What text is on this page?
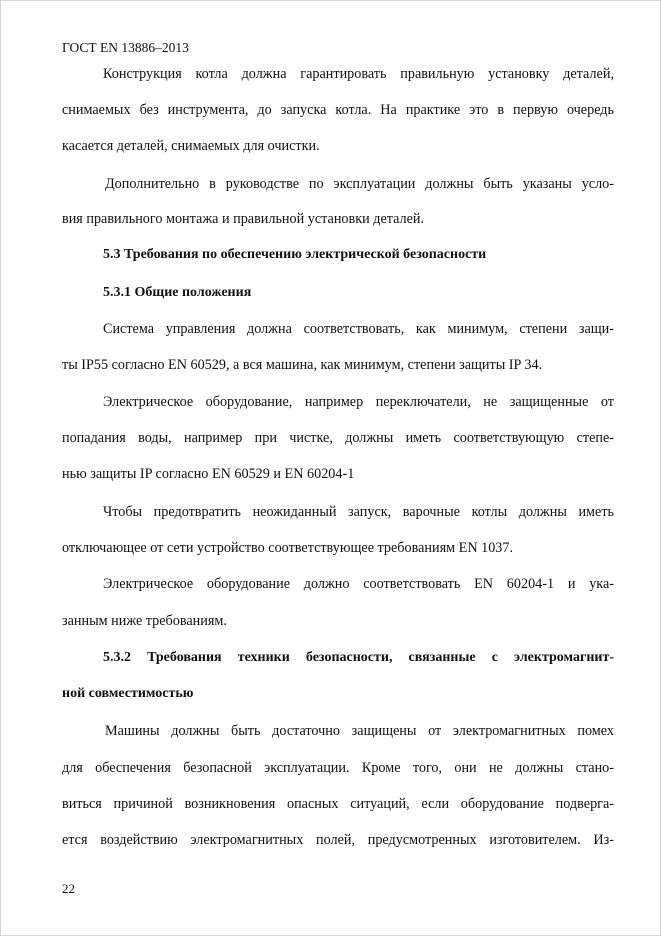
ГОСТ EN 13886–2013
Конструкция котла должна гарантировать правильную установку деталей,
снимаемых без инструмента, до запуска котла. На практике это в первую очередь
касается деталей, снимаемых для очистки.
Дополнительно в руководстве по эксплуатации должны быть указаны усло-
вия правильного монтажа и правильной установки деталей.
5.3 Требования по обеспечению электрической безопасности
5.3.1 Общие положения
Система управления должна соответствовать, как минимум, степени защи-
ты IP55 согласно EN 60529, а вся машина, как минимум, степени защиты IP 34.
Электрическое оборудование, например переключатели, не защищенные от
попадания воды, например при чистке, должны иметь соответствующую степе-
нью защиты IP согласно EN 60529 и EN 60204-1
Чтобы предотвратить неожиданный запуск, варочные котлы должны иметь
отключающее от сети устройство соответствующее требованиям EN 1037.
Электрическое оборудование должно соответствовать EN 60204-1 и ука-
занным ниже требованиям.
5.3.2 Требования техники безопасности, связанные с электромагнит-
ной совместимостью
Машины должны быть достаточно защищены от электромагнитных помех
для обеспечения безопасной эксплуатации. Кроме того, они не должны стано-
виться причиной возникновения опасных ситуаций, если оборудование подверга-
ется воздействию электромагнитных полей, предусмотренных изготовителем. Из-
22
